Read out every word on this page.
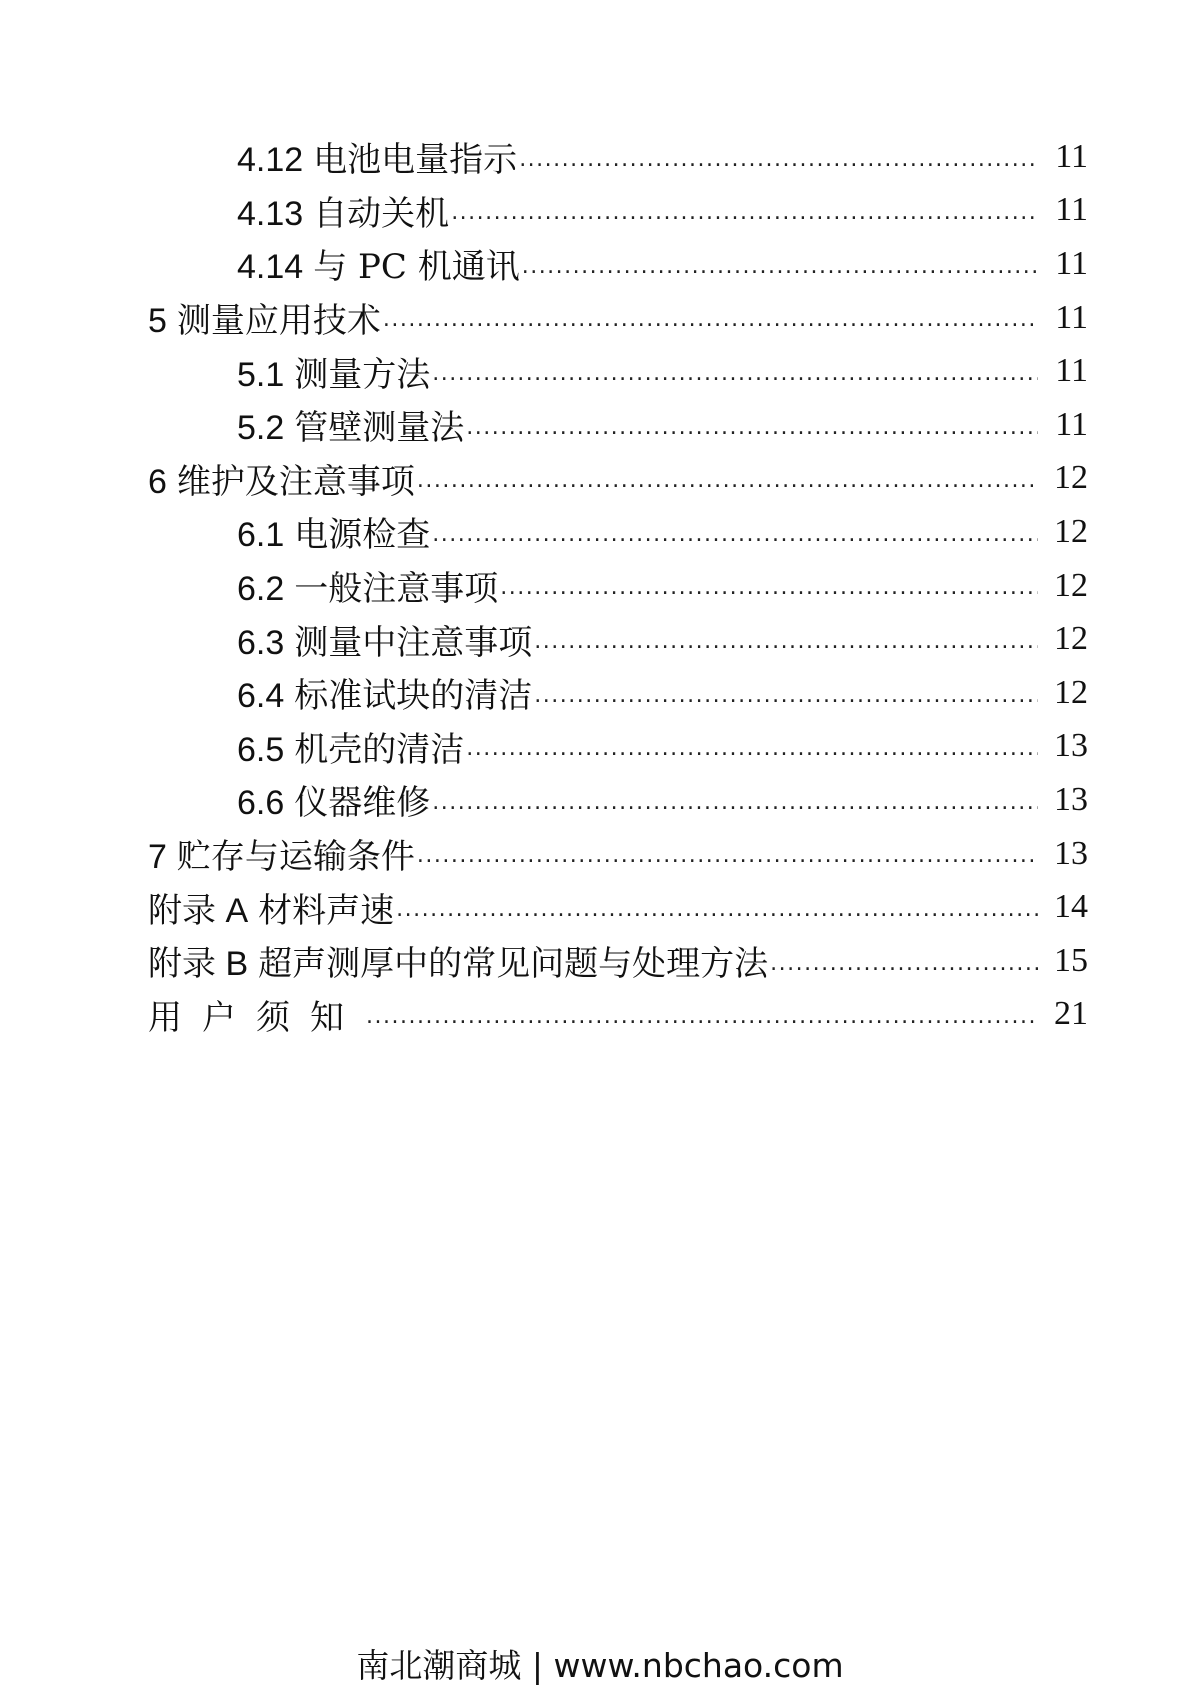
4.12 电池电量指示 .....	11
4.13 自动关机 .....	11
4.14 与 PC 机通讯 .....	11
5 测量应用技术 .....	11
5.1 测量方法 .....	11
5.2 管壁测量法 .....	11
6 维护及注意事项 .....	12
6.1 电源检查 .....	12
6.2 一般注意事项 .....	12
6.3 测量中注意事项 .....	12
6.4 标准试块的清洁 .....	12
6.5 机壳的清洁 .....	13
6.6 仪器维修 .....	13
7 贮存与运输条件 .....	13
附录 A 材料声速 .....	14
附录 B 超声测厚中的常见问题与处理方法 .....	15
用户须知 .....	21
南北潮商城 | www.nbchao.com
